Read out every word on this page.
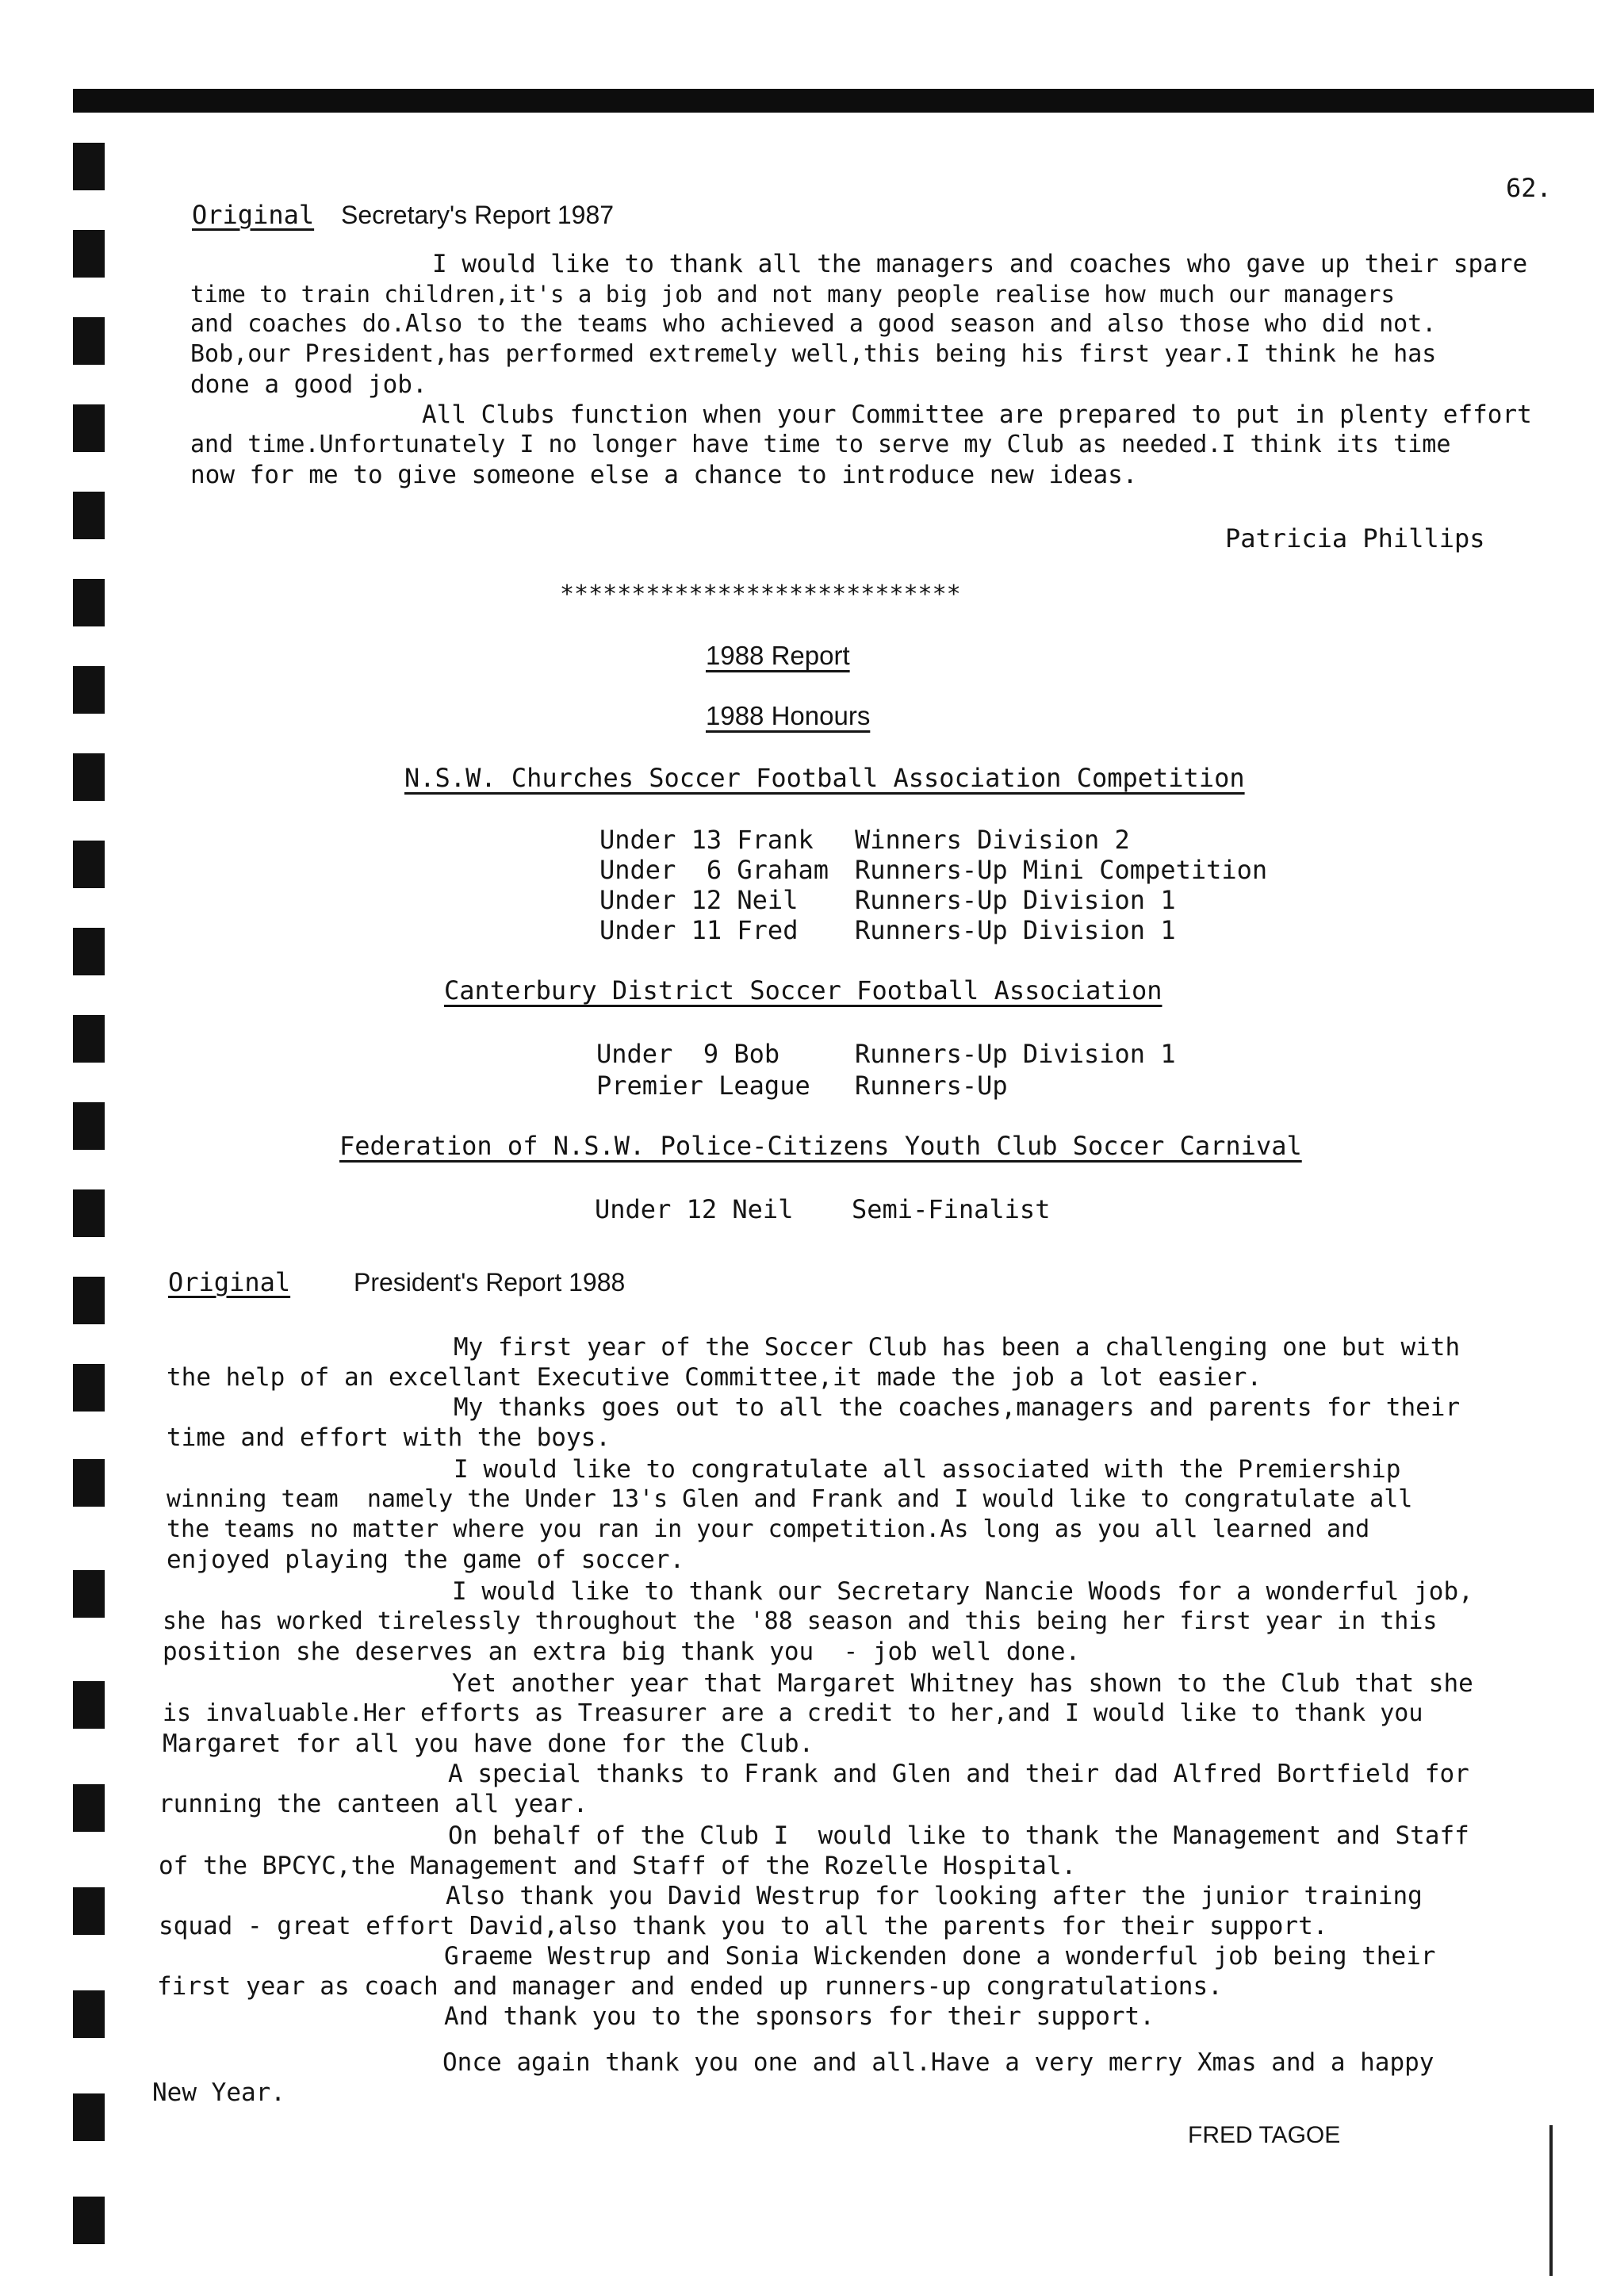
62.
Original Secretary's Report 1987
I would like to thank all the managers and coaches who gave up their spare
time to train children,it's a big job and not many people realise how much our managers
and coaches do.Also to the teams who achieved a good season and also those who did not.
Bob,our President,has performed extremely well,this being his first year.I think he has
done a good job.
All Clubs function when your Committee are prepared to put in plenty effort
and time.Unfortunately I no longer have time to serve my Club as needed.I think its time
now for me to give someone else a chance to introduce new ideas.
Patricia Phillips
****************************
1988 Report
1988 Honours
N.S.W. Churches Soccer Football Association Competition
Under 13 Frank Winners Division 2
Under  6 Graham Runners-Up Mini Competition
Under 12 Neil Runners-Up Division 1
Under 11 Fred Runners-Up Division 1
Canterbury District Soccer Football Association
Under  9 Bob	Runners-Up Division 1
Premier League Runners-Up
Federation of N.S.W. Police-Citizens Youth Club Soccer Carnival
Under 12 Neil Semi-Finalist
Original President's Report 1988
My first year of the Soccer Club has been a challenging one but with
the help of an excellant Executive Committee,it made the job a lot easier.
My thanks goes out to all the coaches,managers and parents for their
time and effort with the boys.
I would like to congratulate all associated with the Premiership
winning team  namely the Under 13's Glen and Frank and I would like to congratulate all
the teams no matter where you ran in your competition.As long as you all learned and
enjoyed playing the game of soccer.
I would like to thank our Secretary Nancie Woods for a wonderful job,
she has worked tirelessly throughout the '88 season and this being her first year in this
position she deserves an extra big thank you  - job well done.
Yet another year that Margaret Whitney has shown to the Club that she
is invaluable.Her efforts as Treasurer are a credit to her,and I would like to thank you
Margaret for all you have done for the Club.
A special thanks to Frank and Glen and their dad Alfred Bortfield for
running the canteen all year.
On behalf of the Club I  would like to thank the Management and Staff
of the BPCYC,the Management and Staff of the Rozelle Hospital.
Also thank you David Westrup for looking after the junior training
squad - great effort David,also thank you to all the parents for their support.
Graeme Westrup and Sonia Wickenden done a wonderful job being their
first year as coach and manager and ended up runners-up congratulations.
And thank you to the sponsors for their support.
Once again thank you one and all.Have a very merry Xmas and a happy
New Year.
FRED TAGOE
